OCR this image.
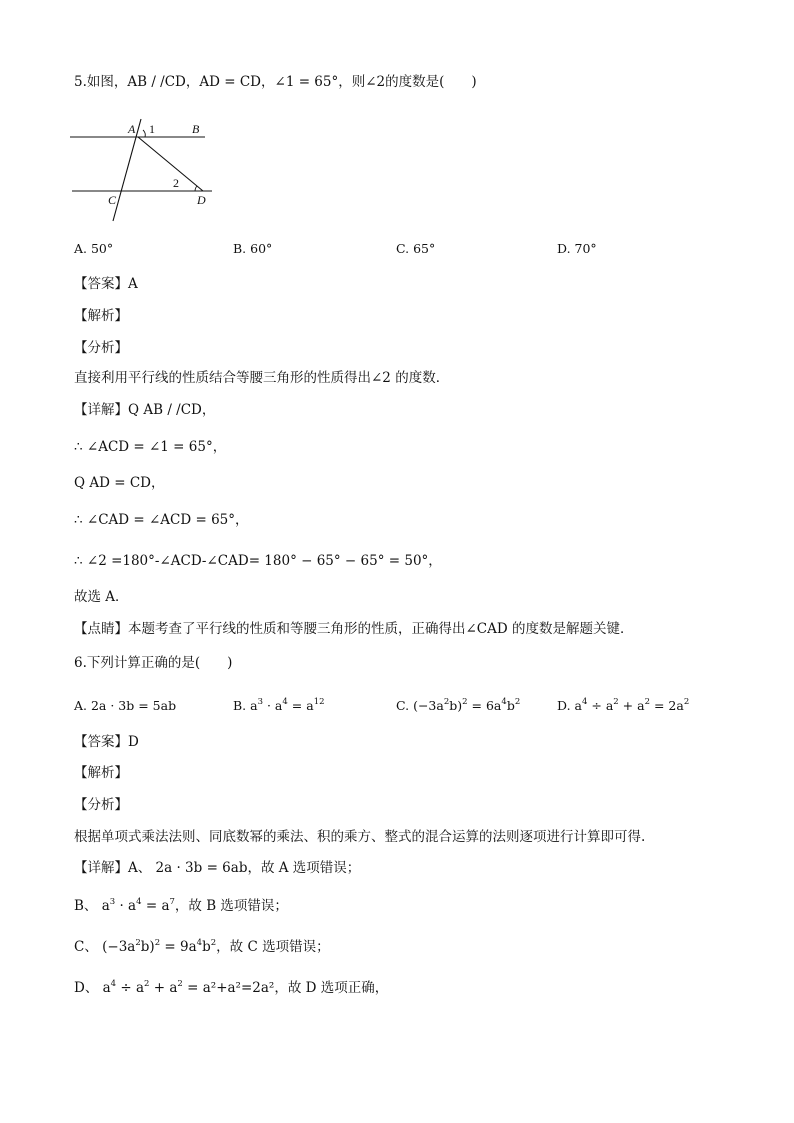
5.如图，AB / /CD，AD = CD，∠1 = 65°，则∠2的度数是(　　)
A 1	B
2
C	D
A. 50°	B. 60°	C. 65°	D. 70°
【答案】A
【解析】
【分析】
直接利用平行线的性质结合等腰三角形的性质得出∠2 的度数．
【详解】Q AB / /CD，
∴ ∠ACD = ∠1 = 65°，
Q AD = CD，
∴ ∠CAD = ∠ACD = 65°，
∴ ∠2 =180°-∠ACD-∠CAD= 180° − 65° − 65° = 50°，
故选 A．
【点睛】本题考查了平行线的性质和等腰三角形的性质，正确得出∠CAD 的度数是解题关键．
6.下列计算正确的是(　　)
A. 2a · 3b = 5ab	B. $a^3 \cdot a^4 = a^{12}$	C. $(-3a^2b)^2 = 6a^4b^2$	D. $a^4 \div a^2 + a^2 = 2a^2$
【答案】D
【解析】
【分析】
根据单项式乘法法则、同底数幂的乘法、积的乘方、整式的混合运算的法则逐项进行计算即可得.
【详解】A、 2a · 3b = 6ab，故 A 选项错误；
B、 $a^3 \cdot a^4 = a^7$，故 B 选项错误；
C、 $(-3a^2b)^2 = 9a^4b^2$，故 C 选项错误；
D、 $a^4 \div a^2 + a^2 = a^2+a^2=2a^2$，故 D 选项正确，
